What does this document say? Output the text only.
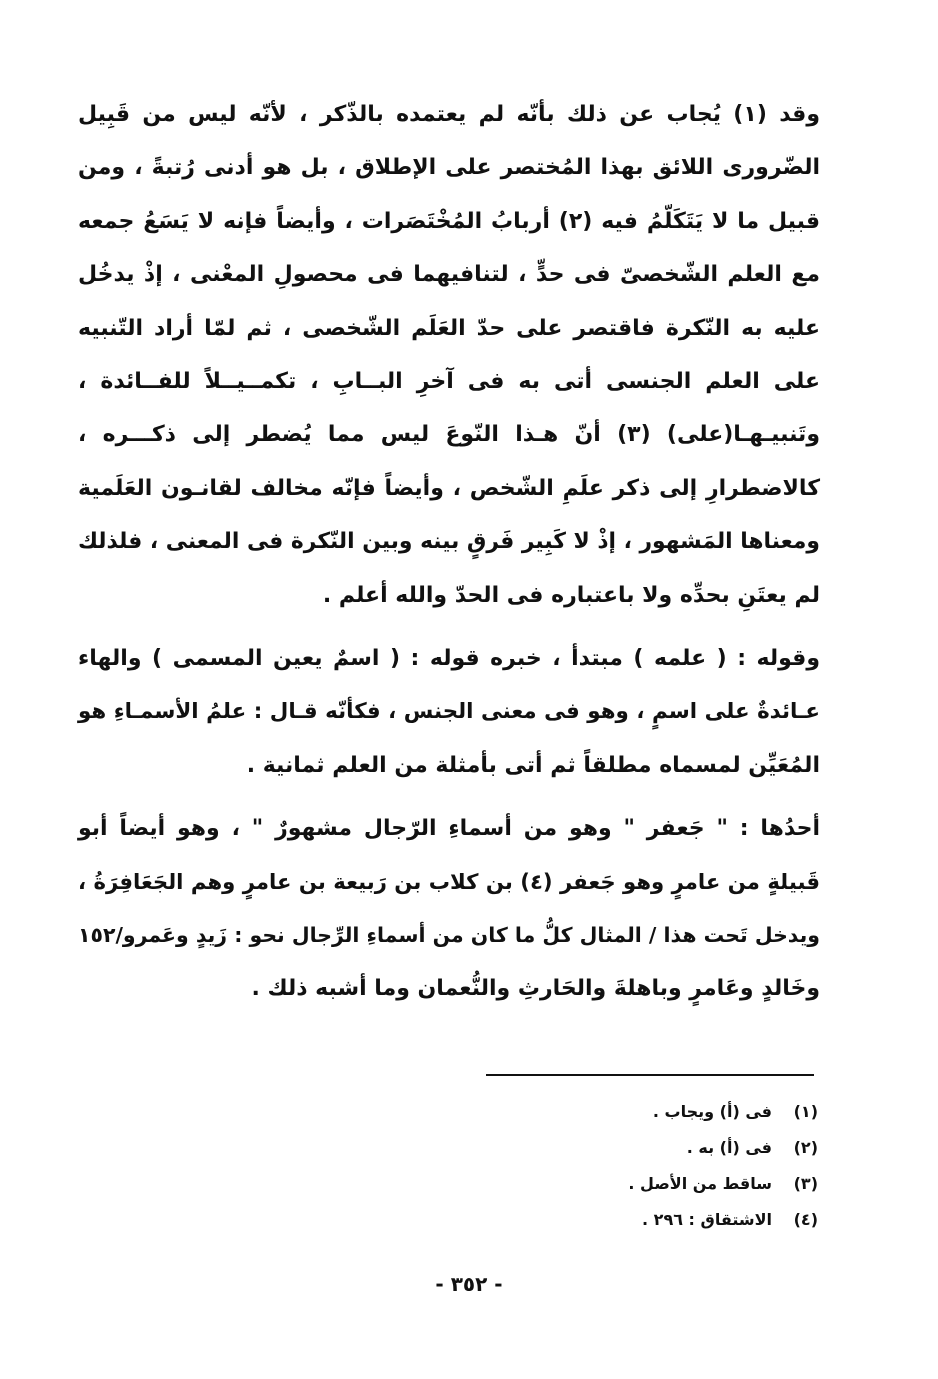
وقد (١) يُجاب عن ذلك بأنّه لم يعتمده بالذّكر ، لأنّه ليس من قَبِيل
الضّرورى اللائق بهذا المُختصر على الإطلاق ، بل هو أدنى رُتبةً ، ومن
قبيل ما لا يَتَكَلّمُ فيه (٢) أربابُ المُخْتَصَرات ، وأيضاً فإنه لا يَسَعُ جمعه
مع العلم الشّخصىّ فى حدٍّ ، لتنافيهما فى محصولِ المعْنى ، إذْ يدخُل
عليه به النّكرة فاقتصر على حدّ العَلَم الشّخصى ، ثم لمّا أراد التّنبيه
على العلم الجنسى أتى به فى آخرِ البــابِ ، تكمــيــلاً للفــائدة ،
وتَنبيـهـا(على) (٣) أنّ هـذا النّوعَ ليس مما يُضطر إلى ذكـــره ،
كالاضطرارِ إلى ذكر علَمِ الشّخص ، وأيضاً فإنّه مخالف لقانـون العَلَمية
ومعناها المَشهور ، إذْ لا كَبِير فَرقٍ بينه وبين النّكرة فى المعنى ، فلذلك
لم يعتَنِ بحدِّه ولا باعتباره فى الحدّ والله أعلم .
وقوله : ( علمه ) مبتدأ ، خبره قوله : ( اسمٌ يعين المسمى ) والهاء
عـائدةٌ على اسمٍ ، وهو فى معنى الجنس ، فكأنّه قـال : علمُ الأسمـاءِ هو
المُعَيِّن لمسماه مطلقاً ثم أتى بأمثلة من العلم ثمانية .
أحدُها : " جَعفر " وهو من أسماءِ الرّجال مشهورٌ " ، وهو أيضاً أبو
قَبيلةٍ من عامرٍ وهو جَعفر (٤) بن كلاب بن رَبيعة بن عامرٍ وهم الجَعَافِرَةُ ،
ويدخل تَحت هذا / المثال كلُّ ما كان من أسماءِ الرِّجال نحو : زَيدٍ وعَمرو/١٥٢
وخَالدٍ وعَامرٍ وباهلةَ والحَارثِ والنُّعمان وما أشبه ذلك .
(١)
فى (أ) ويجاب .
(٢)
فى (أ) به .
(٣)
ساقط من الأصل .
(٤)
الاشتقاق : ٢٩٦ .
- ٣٥٢ -
